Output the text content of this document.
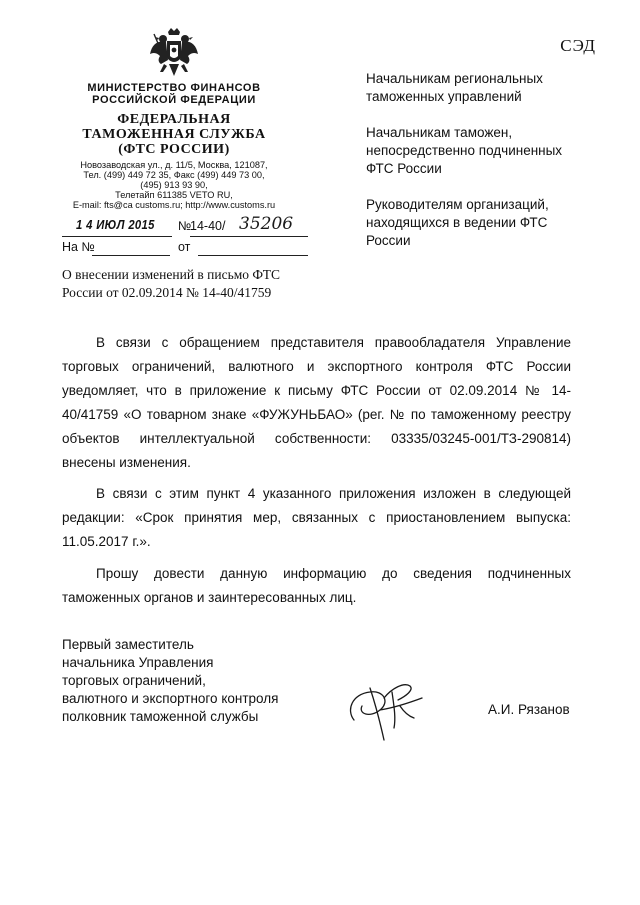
СЭД
МИНИСТЕРСТВО ФИНАНСОВ
РОССИЙСКОЙ ФЕДЕРАЦИИ
ФЕДЕРАЛЬНАЯ
ТАМОЖЕННАЯ СЛУЖБА
(ФТС РОССИИ)
Новозаводская ул., д. 11/5, Москва, 121087,
Тел. (499) 449 72 35, Факс (499) 449 73 00,
(495) 913 93 90,
Телетайп 611385 VETO RU,
E-mail: fts@ca customs.ru; http://www.customs.ru
1 4 ИЮЛ 2015 №
14-40/ 35206
На №	от
Начальникам региональных таможенных управлений
Начальникам таможен, непосредственно подчиненных ФТС России
Руководителям организаций, находящихся в ведении ФТС России
О внесении изменений в письмо ФТС России от 02.09.2014 № 14-40/41759
В связи с обращением представителя правообладателя Управление торговых ограничений, валютного и экспортного контроля ФТС России уведомляет, что в приложение к письму ФТС России от 02.09.2014 № 14-40/41759 «О товарном знаке «ФУЖУНЬБАО» (рег. № по таможенному реестру объектов интеллектуальной собственности: 03335/03245-001/ТЗ-290814) внесены изменения.
В связи с этим пункт 4 указанного приложения изложен в следующей редакции: «Срок принятия мер, связанных с приостановлением выпуска: 11.05.2017 г.».
Прошу довести данную информацию до сведения подчиненных таможенных органов и заинтересованных лиц.
Первый заместитель
начальника Управления
торговых ограничений,
валютного и экспортного контроля
полковник таможенной службы	А.И. Рязанов
